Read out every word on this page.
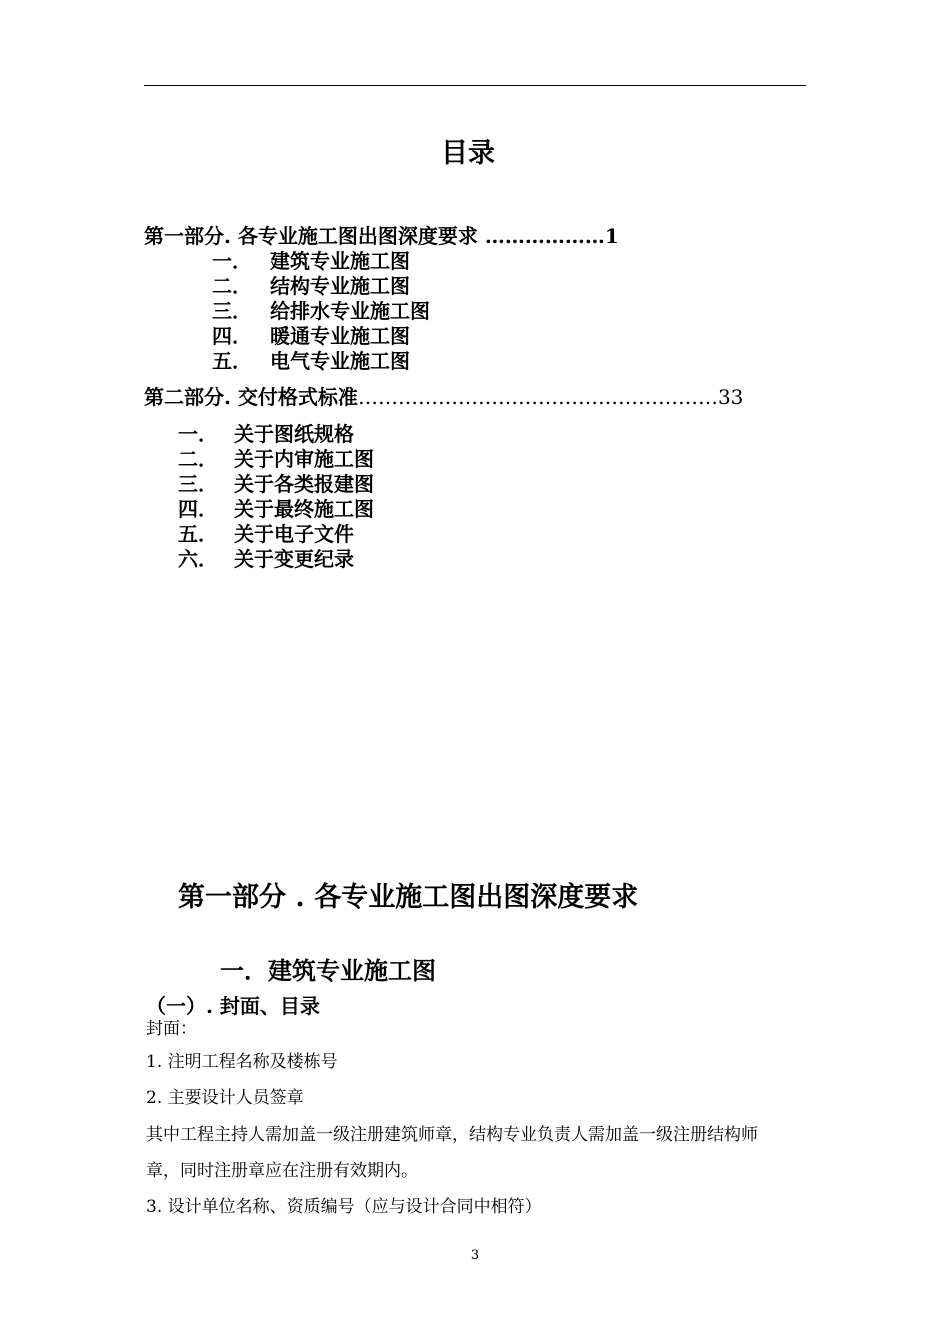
目录
第一部分. 各专业施工图出图深度要求 ………………1
一． 建筑专业施工图
二． 结构专业施工图
三． 给排水专业施工图
四． 暖通专业施工图
五． 电气专业施工图
第二部分. 交付格式标准………………………………………………33
一． 关于图纸规格
二． 关于内审施工图
三． 关于各类报建图
四． 关于最终施工图
五． 关于电子文件
六． 关于变更纪录
第一部分 . 各专业施工图出图深度要求
一．建筑专业施工图
（一）. 封面、目录
封面：
1. 注明工程名称及楼栋号
2. 主要设计人员签章
其中工程主持人需加盖一级注册建筑师章，结构专业负责人需加盖一级注册结构师
章，同时注册章应在注册有效期内。
3. 设计单位名称、资质编号（应与设计合同中相符）
3
